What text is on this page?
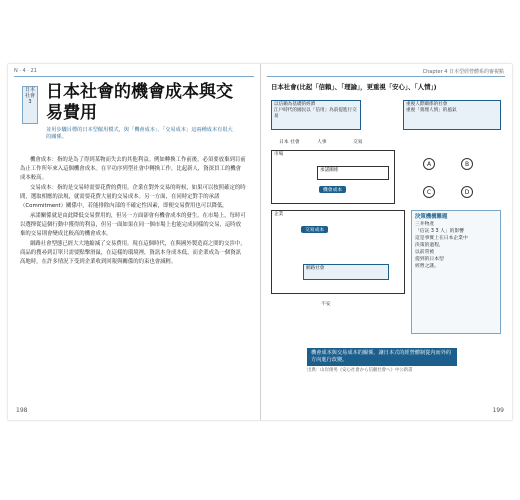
N · 4 · 21
日本社會 3 日本社會的機會成本與交易費用
並用步驟目標的日本型僱用模式，與「機會成本」、「交易成本」這兩種成本有很大的關係。

機會成本：指的是為了得到某物而失去的其他利益。例如轉換工作前後，必須要放棄到目前為止工作所年來入這個機會成本。在平功序列型社會中轉換工作，比起新人，資深員工的機會成本較高。

交易成本：指的是交易時需要花費的費用。企業在對外交易的時候，如果可以按照確定的時間，選取相應的法規，就需要花費大量的交易成本。另一方面，在同時定對手的承諾（Commitment）關係中，若能排除內部的不確定性因素，即便交易費用也可以降低。

承諾關係就是由此降低交易費用的，但另一方面卻會有機會成本的發生。在市場上，每時可以選擇從這個行動中獲得的利益，但另一面如果在同一個市場上也能完成同樣的交易，這時放棄的交易則會變成比較高的機會成本。

網路社會型態已經大大地縮減了交易費用。現在這個時代，在與國外製造商之間的交涉中，商品的搜尋到訂單只需要點擊滑鼠，在這樣的環境裡，資訊本身成本低，而企業成為一個資訊高地時，在許多情況下受到企業收到回報與關係的約束也會減輕。

198
Chapter 4 日本型經營體系的審視點
日本社會(比起「信賴」、「理論」，更重視「安心」、「人情」)
以信賴為基礎的經濟
江戶時代的國民以「信用」為前提進行交易
重視人際關係的社會
重視「義理人情」的風氣
日本 社會	人事	交易
市場
承諾關係
機會成本
A	B
C	D
企業
交易成本
網路社會
不安
決策機構難題
三井物產
「信託 3 3 人」的影響
這是事實上在日本企業中
決策的過程，
以前常被
提到的日本型
經營之謎。
機會成本與交易成本的關係，讓日本式的經營體制從內而外的方向進行改變。
出典：山岸俊男《安心社會から信頼社會へ》中公新書
199
